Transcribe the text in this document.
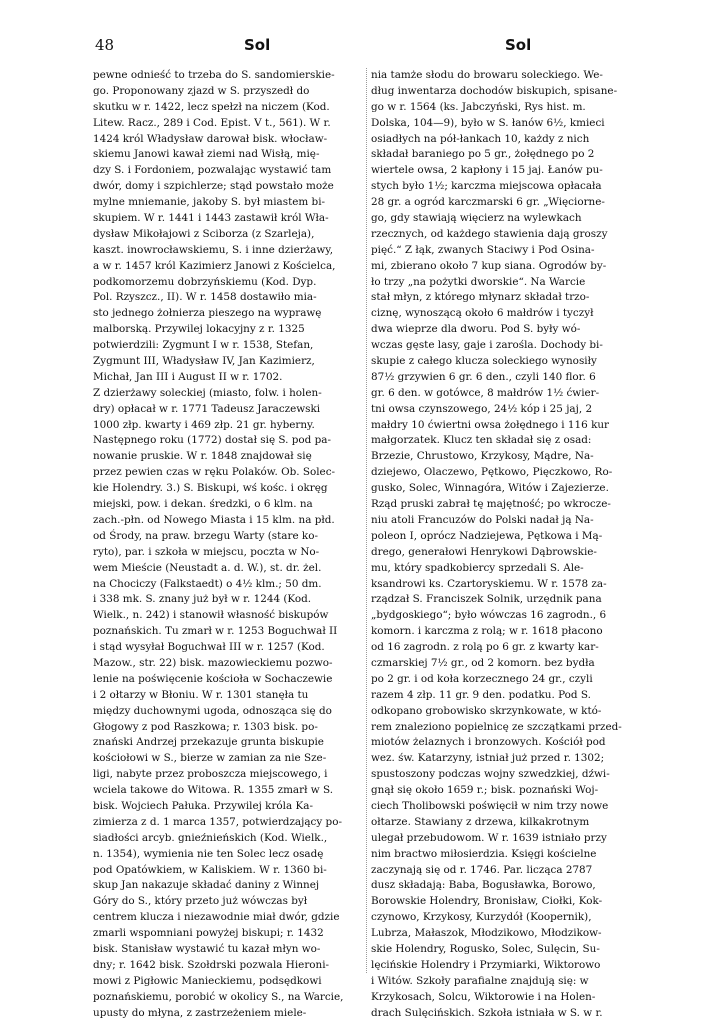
48	Sol	Sol
pewne odnieść to trzeba do S. sandomierskie-
go. Proponowany zjazd w S. przyszedł do
skutku w r. 1422, lecz spełzł na niczem (Kod.
Litew. Racz., 289 i Cod. Epist. V t., 561). W r.
1424 król Władysław darował bisk. włocław-
skiemu Janowi kawał ziemi nad Wisłą, mię-
dzy S. i Fordoniem, pozwalając wystawić tam
dwór, domy i szpichlerze; stąd powstało może
mylne mniemanie, jakoby S. był miastem bi-
skupiem. W r. 1441 i 1443 zastawił król Wła-
dysław Mikołajowi z Sciborza (z Szarleja),
kaszt. inowrocławskiemu, S. i inne dzierżawy,
a w r. 1457 król Kazimierz Janowi z Kościelca,
podkomorzemu dobrzyńskiemu (Kod. Dyp.
Pol. Rzyszcz., II). W r. 1458 dostawiło mia-
sto jednego żołnierza pieszego na wyprawę
malborską. Przywilej lokacyjny z r. 1325
potwierdzili: Zygmunt I w r. 1538, Stefan,
Zygmunt III, Władysław IV, Jan Kazimierz,
Michał, Jan III i August II w r. 1702.
Z dzierżawy soleckiej (miasto, folw. i holen-
dry) opłacał w r. 1771 Tadeusz Jaraczewski
1000 złp. kwarty i 469 złp. 21 gr. hyberny.
Następnego roku (1772) dostał się S. pod pa-
nowanie pruskie. W r. 1848 znajdował się
przez pewien czas w ręku Polaków. Ob. Solec-
kie Holendry. 3.) S. Biskupi, wś kośc. i okręg
miejski, pow. i dekan. średzki, o 6 klm. na
zach.-płn. od Nowego Miasta i 15 klm. na płd.
od Środy, na praw. brzegu Warty (stare ko-
ryto), par. i szkoła w miejscu, poczta w No-
wem Mieście (Neustadt a. d. W.), st. dr. żel.
na Chociczy (Falkstaedt) o 4½ klm.; 50 dm.
i 338 mk. S. znany już był w r. 1244 (Kod.
Wielk., n. 242) i stanowił własność biskupów
poznańskich. Tu zmarł w r. 1253 Boguchwał II
i stąd wysyłał Boguchwał III w r. 1257 (Kod.
Mazow., str. 22) bisk. mazowieckiemu pozwo-
lenie na poświęcenie kościoła w Sochaczewie
i 2 ołtarzy w Błoniu. W r. 1301 stanęła tu
między duchownymi ugoda, odnosząca się do
Głogowy z pod Raszkowa; r. 1303 bisk. po-
znański Andrzej przekazuje grunta biskupie
kościołowi w S., bierze w zamian za nie Sze-
ligi, nabyte przez proboszcza miejscowego, i
wcielа takowe do Witowa. R. 1355 zmarł w S.
bisk. Wojciech Pałuka. Przywilej króla Ka-
zimierza z d. 1 marca 1357, potwierdzający po-
siadłości arcyb. gnieźnieńskich (Kod. Wielk.,
n. 1354), wymienia nie ten Solec lecz osadę
pod Opatówkiem, w Kaliskiem. W r. 1360 bi-
skup Jan nakazuje składać daniny z Winnej
Góry do S., który przeto już wówczas był
centrem klucza i niezawodnie miał dwór, gdzie
zmarli wspomniani powyżej biskupi; r. 1432
bisk. Stanisław wystawić tu kazał młyn wo-
dny; r. 1642 bisk. Szołdrski pozwala Hieroni-
mowi z Pigłowic Manieckiemu, podsędkowi
poznańskiemu, porobić w okolicy S., na Warcie,
upusty do młyna, z zastrzeżeniem miele-
nia tamże słodu do browaru soleckiego. We-
dług inwentarza dochodów biskupich, spisane-
go w r. 1564 (ks. Jabczyński, Rys hist. m.
Dolska, 104—9), było w S. łanów 6½, kmieci
osiadłych na pół-łankach 10, każdy z nich
składał baraniego po 5 gr., żołędnego po 2
wiertele owsa, 2 kapłony i 15 jaj. Łanów pu-
stych było 1½; karczma miejscowa opłacała
28 gr. a ogród karczmarski 6 gr. „Więciorne-
go, gdy stawiają więcierz na wylewkach
rzecznych, od każdego stawienia dają groszy
pięć.“ Z łąk, zwanych Staciwy i Pod Osina-
mi, zbierano około 7 kup siana. Ogrodów by-
ło trzy „na pożytki dworskie“. Na Warcie
stał młyn, z którego młynarz składał trzo-
ciznę, wynoszącą około 6 małdrów i tyczył
dwa wieprze dla dworu. Pod S. były wó-
wczas gęste lasy, gaje i zarośla. Dochody bi-
skupie z całego klucza soleckiego wynosiły
87½ grzywien 6 gr. 6 den., czyli 140 flor. 6
gr. 6 den. w gotówce, 8 małdrów 1½ ćwier-
tni owsa czynszowego, 24½ kóp i 25 jaj, 2
małdry 10 ćwiertni owsa żołędnego i 116 kur
małgorzatek. Klucz ten składał się z osad:
Brzezie, Chrustowo, Krzykosy, Mądre, Na-
dziejewo, Olaczewo, Pętkowo, Pięczkowo, Ro-
gusko, Solec, Winnagóra, Witów i Zajezierze.
Rząd pruski zabrał tę majętność; po wkrocze-
niu atoli Francuzów do Polski nadał ją Na-
poleon I, oprócz Nadziejewa, Pętkowa i Mą-
drego, generałowi Henrykowi Dąbrowskie-
mu, który spadkobiercy sprzedali S. Ale-
ksandrowi ks. Czartoryskiemu. W r. 1578 za-
rządzał S. Franciszek Solnik, urzędnik pana
„bydgoskiego“; było wówczas 16 zagrodn., 6
komorn. i karczma z rolą; w r. 1618 płacono
od 16 zagrodn. z rolą po 6 gr. z kwarty kar-
czmarskiej 7½ gr., od 2 komorn. bez bydła
po 2 gr. i od koła korzecznego 24 gr., czyli
razem 4 złp. 11 gr. 9 den. podatku. Pod S.
odkopano grobowisko skrzynkowate, w któ-
rem znaleziono popielnicę ze szczątkami przed-
miotów żelaznych i bronzowych. Kościół pod
wez. św. Katarzyny, istniał już przed r. 1302;
spustoszony podczas wojny szwedzkiej, dźwi-
gnął się około 1659 r.; bisk. poznański Woj-
ciech Tholibowski poświęcił w nim trzy nowe
ołtarze. Stawiany z drzewa, kilkakrotnym
ulegał przebudowom. W r. 1639 istniało przy
nim bractwo miłosierdzia. Księgi kościelne
zaczynają się od r. 1746. Par. licząca 2787
dusz składają: Baba, Bogusławka, Borowo,
Borowskie Holendry, Bronisław, Ciołki, Kok-
czynowo, Krzykosy, Kurzydół (Koopernik),
Lubrza, Małaszok, Młodzikowo, Młodzikow-
skie Holendry, Rogusko, Solec, Sulęcin, Su-
lęcińskie Holendry i Przymiarki, Wiktorowo
i Witów. Szkoły parafialne znajdują się: w
Krzykosach, Solcu, Wiktorowie i na Holen-
drach Sulęcińskich. Szkoła istniała w S. w r.
